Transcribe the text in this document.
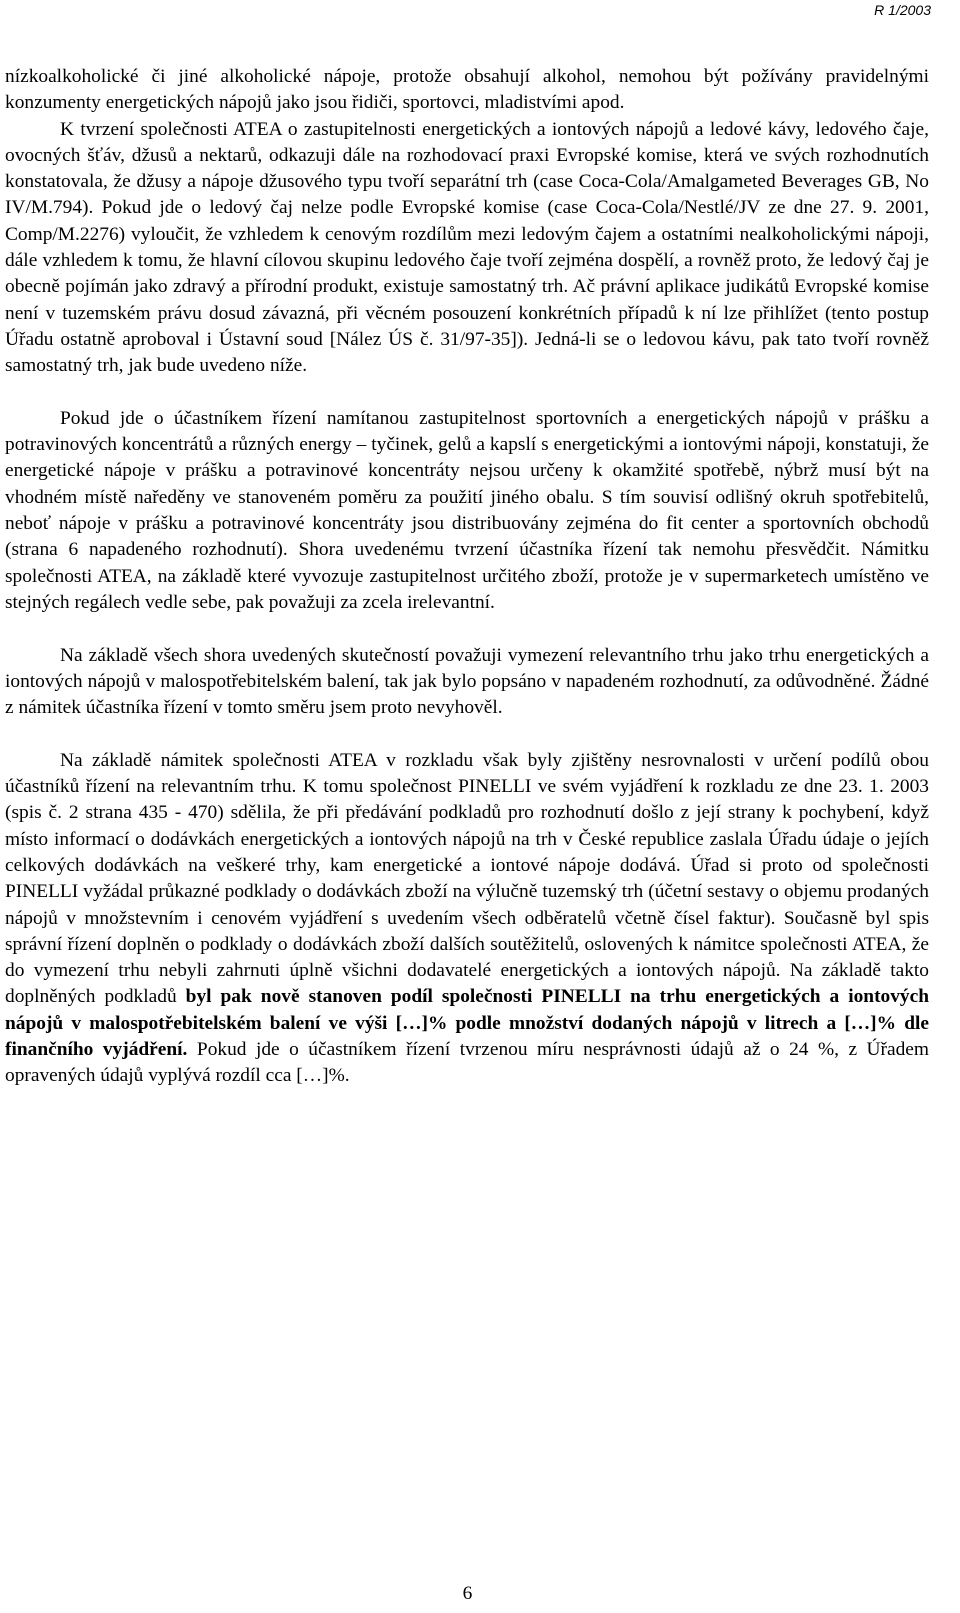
R 1/2003

nízkoalkoholické či jiné alkoholické nápoje, protože obsahují alkohol, nemohou být požívány pravidelnými konzumenty energetických nápojů jako jsou řidiči, sportovci, mladistvími apod.

K tvrzení společnosti ATEA o zastupitelnosti energetických a iontových nápojů a ledové kávy, ledového čaje, ovocných šťáv, džusů a nektarů, odkazuji dále na rozhodovací praxi Evropské komise, která ve svých rozhodnutích konstatovala, že džusy a nápoje džusového typu tvoří separátní trh (case Coca-Cola/Amalgameted Beverages GB, No IV/M.794). Pokud jde o ledový čaj nelze podle Evropské komise (case Coca-Cola/Nestlé/JV ze dne 27. 9. 2001, Comp/M.2276) vyloučit, že vzhledem k cenovým rozdílům mezi ledovým čajem a ostatními nealkoholickými nápoji, dále vzhledem k tomu, že hlavní cílovou skupinu ledového čaje tvoří zejména dospělí, a rovněž proto, že ledový čaj je obecně pojímán jako zdravý a přírodní produkt, existuje samostatný trh. Ač právní aplikace judikátů Evropské komise není v tuzemském právu dosud závazná, při věcném posouzení konkrétních případů k ní lze přihlížet (tento postup Úřadu ostatně aproboval i Ústavní soud [Nález ÚS č. 31/97-35]). Jedná-li se o ledovou kávu, pak tato tvoří rovněž samostatný trh, jak bude uvedeno níže.

Pokud jde o účastníkem řízení namítanou zastupitelnost sportovních a energetických nápojů v prášku a potravinových koncentrátů a různých energy – tyčinek, gelů a kapslí s energetickými a iontovými nápoji, konstatuji, že energetické nápoje v prášku a potravinové koncentráty nejsou určeny k okamžité spotřebě, nýbrž musí být na vhodném místě naředěny ve stanoveném poměru za použití jiného obalu. S tím souvisí odlišný okruh spotřebitelů, neboť nápoje v prášku a potravinové koncentráty jsou distribuovány zejména do fit center a sportovních obchodů (strana 6 napadeného rozhodnutí). Shora uvedenému tvrzení účastníka řízení tak nemohu přesvědčit. Námitku společnosti ATEA, na základě které vyvozuje zastupitelnost určitého zboží, protože je v supermarketech umístěno ve stejných regálech vedle sebe, pak považuji za zcela irelevantní.

Na základě všech shora uvedených skutečností považuji vymezení relevantního trhu jako trhu energetických a iontových nápojů v malospotřebitelském balení, tak jak bylo popsáno v napadeném rozhodnutí, za odůvodněné. Žádné z námitek účastníka řízení v tomto směru jsem proto nevyhověl.

Na základě námitek společnosti ATEA v rozkladu však byly zjištěny nesrovnalosti v určení podílů obou účastníků řízení na relevantním trhu. K tomu společnost PINELLI ve svém vyjádření k rozkladu ze dne 23. 1. 2003 (spis č. 2 strana 435 - 470) sdělila, že při předávání podkladů pro rozhodnutí došlo z její strany k pochybení, když místo informací o dodávkách energetických a iontových nápojů na trh v České republice zaslala Úřadu údaje o jejích celkových dodávkách na veškeré trhy, kam energetické a iontové nápoje dodává. Úřad si proto od společnosti PINELLI vyžádal průkazné podklady o dodávkách zboží na výlučně tuzemský trh (účetní sestavy o objemu prodaných nápojů v množstevním i cenovém vyjádření s uvedením všech odběratelů včetně čísel faktur). Současně byl spis správní řízení doplněn o podklady o dodávkách zboží dalších soutěžitelů, oslovených k námitce společnosti ATEA, že do vymezení trhu nebyli zahrnuti úplně všichni dodavatelé energetických a iontových nápojů. Na základě takto doplněných podkladů byl pak nově stanoven podíl společnosti PINELLI na trhu energetických a iontových nápojů v malospotřebitelském balení ve výši […]% podle množství dodaných nápojů v litrech a […]% dle finančního vyjádření. Pokud jde o účastníkem řízení tvrzenou míru nesprávnosti údajů až o 24 %, z Úřadem opravených údajů vyplývá rozdíl cca […]%.

6
